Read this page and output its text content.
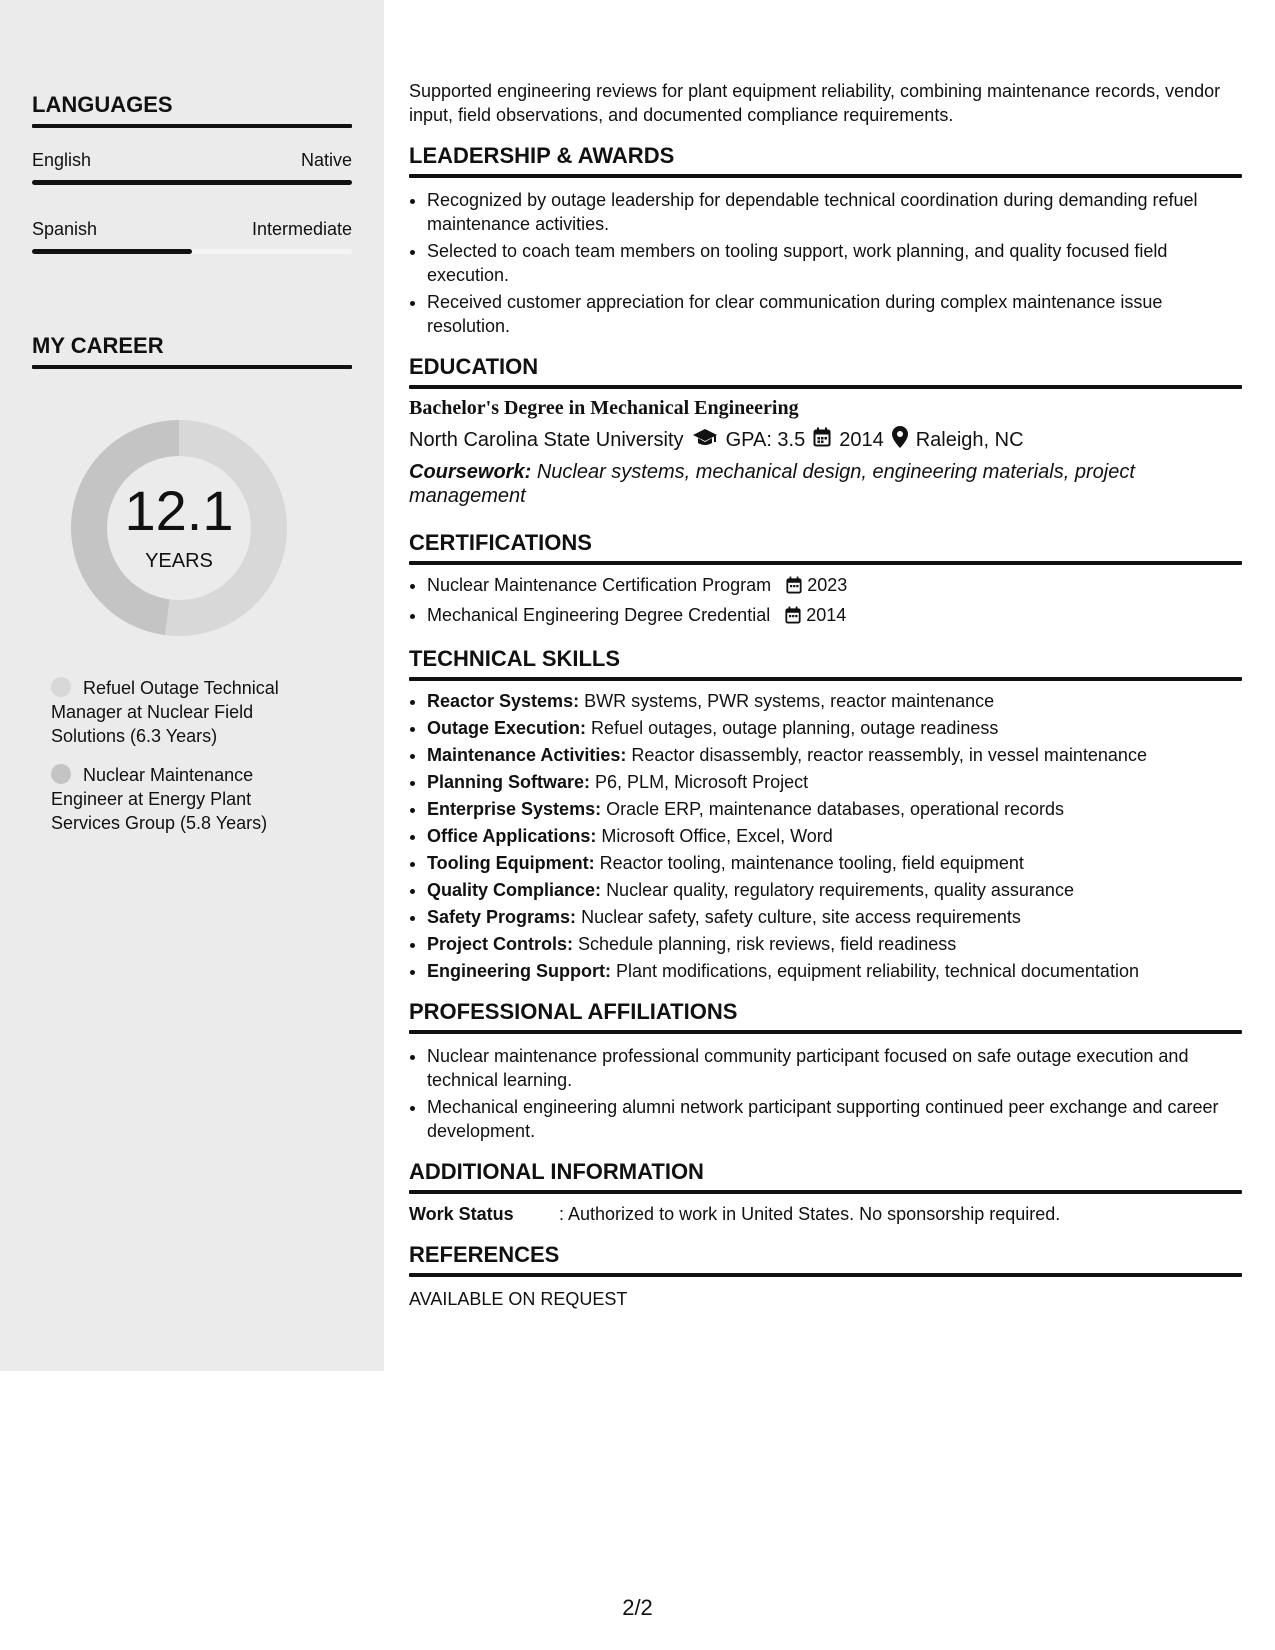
LANGUAGES
English	Native
Spanish	Intermediate
MY CAREER
12.1
YEARS
Refuel Outage Technical Manager at Nuclear Field Solutions (6.3 Years)
Nuclear Maintenance Engineer at Energy Plant Services Group (5.8 Years)
Supported engineering reviews for plant equipment reliability, combining maintenance records, vendor input, field observations, and documented compliance requirements.
LEADERSHIP & AWARDS
• Recognized by outage leadership for dependable technical coordination during demanding refuel maintenance activities.
• Selected to coach team members on tooling support, work planning, and quality focused field execution.
• Received customer appreciation for clear communication during complex maintenance issue resolution.
EDUCATION
Bachelor's Degree in Mechanical Engineering
North Carolina State University GPA: 3.5 2014 Raleigh, NC
Coursework: Nuclear systems, mechanical design, engineering materials, project management
CERTIFICATIONS
• Nuclear Maintenance Certification Program 2023
• Mechanical Engineering Degree Credential 2014
TECHNICAL SKILLS
• Reactor Systems: BWR systems, PWR systems, reactor maintenance
• Outage Execution: Refuel outages, outage planning, outage readiness
• Maintenance Activities: Reactor disassembly, reactor reassembly, in vessel maintenance
• Planning Software: P6, PLM, Microsoft Project
• Enterprise Systems: Oracle ERP, maintenance databases, operational records
• Office Applications: Microsoft Office, Excel, Word
• Tooling Equipment: Reactor tooling, maintenance tooling, field equipment
• Quality Compliance: Nuclear quality, regulatory requirements, quality assurance
• Safety Programs: Nuclear safety, safety culture, site access requirements
• Project Controls: Schedule planning, risk reviews, field readiness
• Engineering Support: Plant modifications, equipment reliability, technical documentation
PROFESSIONAL AFFILIATIONS
• Nuclear maintenance professional community participant focused on safe outage execution and technical learning.
• Mechanical engineering alumni network participant supporting continued peer exchange and career development.
ADDITIONAL INFORMATION
Work Status	: Authorized to work in United States. No sponsorship required.
REFERENCES
AVAILABLE ON REQUEST
2/2
